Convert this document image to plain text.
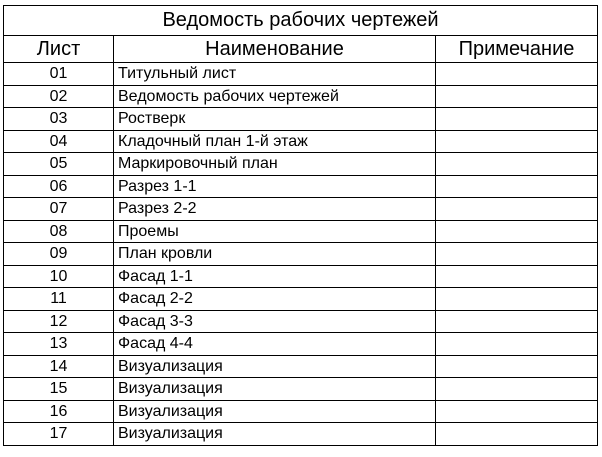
Ведомость рабочих чертежей		
Лист	Наименование	Примечание
01	Титульный лист	
02	Ведомость рабочих чертежей	
03	Ростверк	
04	Кладочный план 1-й этаж	
05	Маркировочный план	
06	Разрез 1-1	
07	Разрез 2-2	
08	Проемы	
09	План кровли	
10	Фасад 1-1	
11	Фасад 2-2	
12	Фасад 3-3	
13	Фасад 4-4	
14	Визуализация	
15	Визуализация	
16	Визуализация	
17	Визуализация	
